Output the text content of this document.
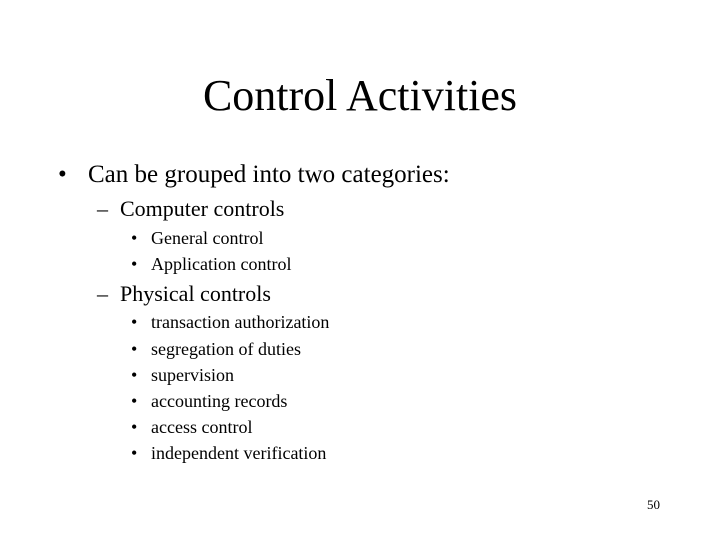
Control Activities
• Can be grouped into two categories:
– Computer controls
• General control
• Application control
– Physical controls
• transaction authorization
• segregation of duties
• supervision
• accounting records
• access control
• independent verification
50
